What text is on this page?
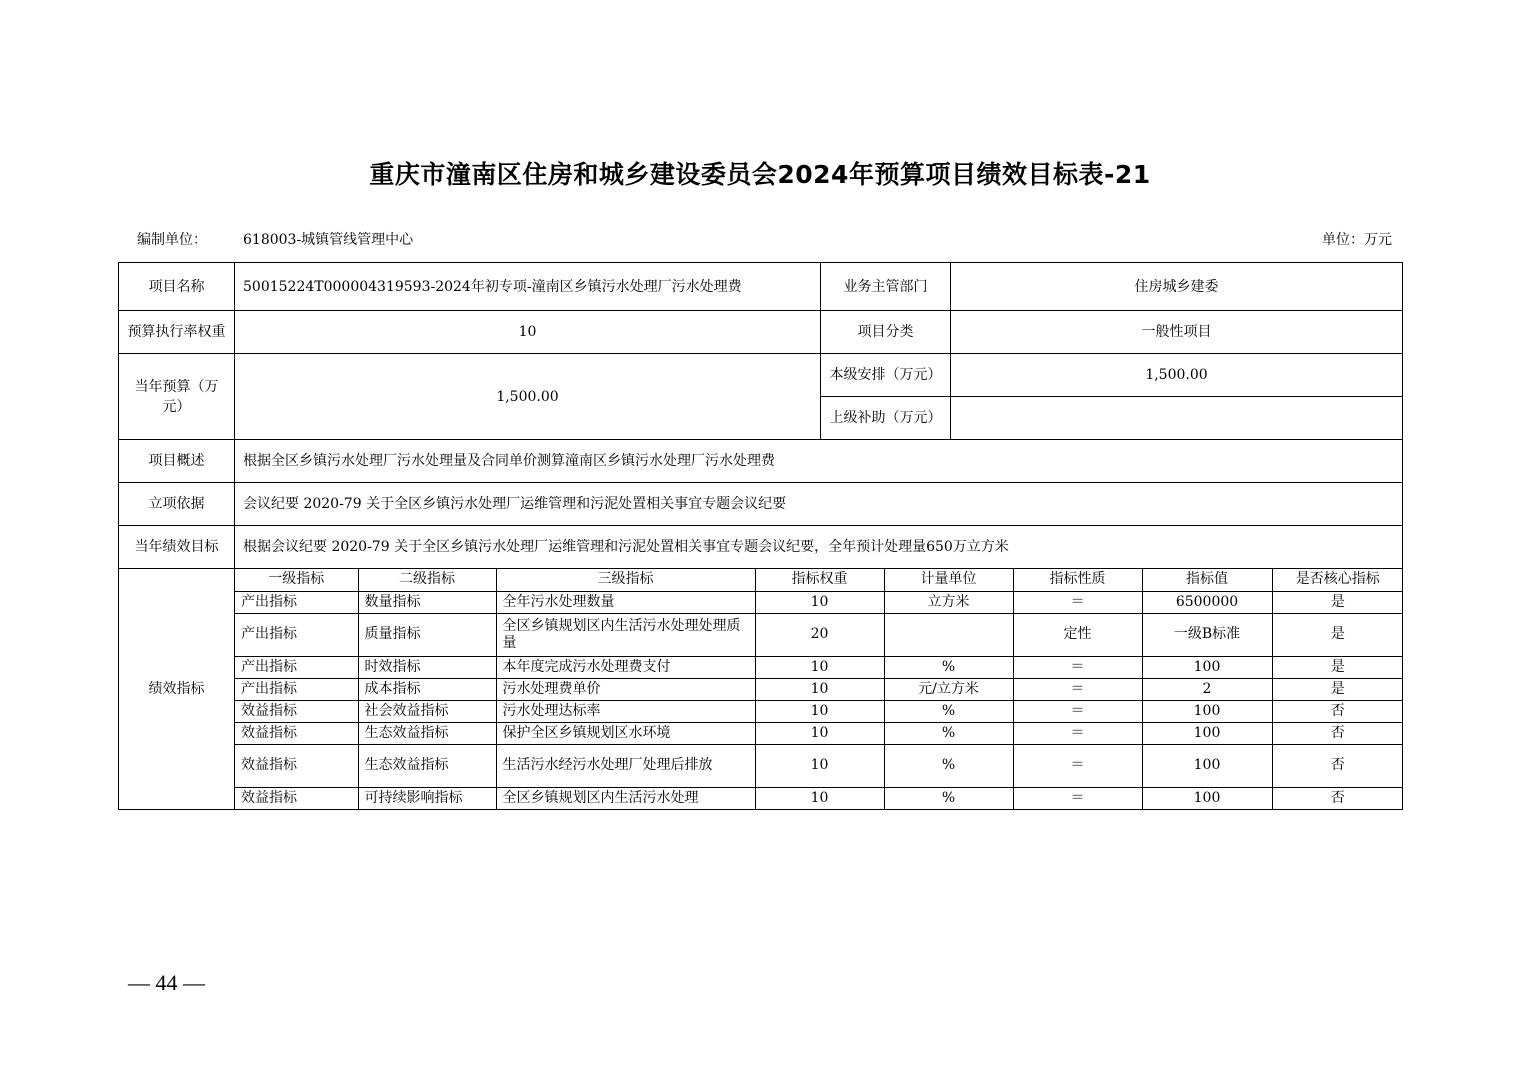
重庆市潼南区住房和城乡建设委员会2024年预算项目绩效目标表-21
编制单位：	618003-城镇管线管理中心	单位：万元
项目名称	50015224T000004319593-2024年初专项-潼南区乡镇污水处理厂污水处理费	业务主管部门	住房城乡建委
预算执行率权重	10	项目分类	一般性项目
当年预算（万元）	1,500.00	本级安排（万元）	1,500.00
上级补助（万元）	
项目概述	根据全区乡镇污水处理厂污水处理量及合同单价测算潼南区乡镇污水处理厂污水处理费
立项依据	会议纪要 2020-79 关于全区乡镇污水处理厂运维管理和污泥处置相关事宜专题会议纪要
当年绩效目标	根据会议纪要 2020-79 关于全区乡镇污水处理厂运维管理和污泥处置相关事宜专题会议纪要，全年预计处理量650万立方米
绩效指标	
一级指标	二级指标	三级指标	指标权重	计量单位	指标性质	指标值	是否核心指标
产出指标	数量指标	全年污水处理数量	10	立方米	＝	6500000	是
产出指标	质量指标	全区乡镇规划区内生活污水处理处理质量	20		定性	一级B标准	是
产出指标	时效指标	本年度完成污水处理费支付	10	%	＝	100	是
产出指标	成本指标	污水处理费单价	10	元/立方米	＝	2	是
效益指标	社会效益指标	污水处理达标率	10	%	＝	100	否
效益指标	生态效益指标	保护全区乡镇规划区水环境	10	%	＝	100	否
效益指标	生态效益指标	生活污水经污水处理厂处理后排放	10	%	＝	100	否
效益指标	可持续影响指标	全区乡镇规划区内生活污水处理	10	%	＝	100	否
— 44 —
